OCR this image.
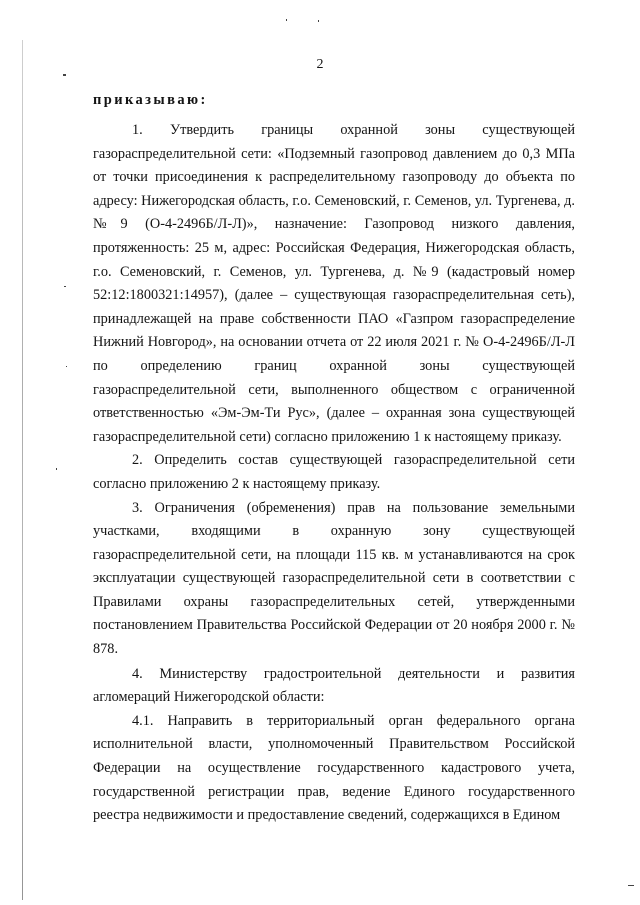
2
приказываю:

1. Утвердить границы охранной зоны существующей газораспределительной сети: «Подземный газопровод давлением до 0,3 МПа от точки присоединения к распределительному газопроводу до объекта по адресу: Нижегородская область, г.о. Семеновский, г. Семенов, ул. Тургенева, д. №9 (О-4-2496Б/Л-Л)», назначение: Газопровод низкого давления, протяженность: 25 м, адрес: Российская Федерация, Нижегородская область, г.о. Семеновский, г. Семенов, ул. Тургенева, д. №9 (кадастровый номер 52:12:1800321:14957), (далее – существующая газораспределительная сеть), принадлежащей на праве собственности ПАО «Газпром газораспределение Нижний Новгород», на основании отчета от 22 июля 2021 г. № О-4-2496Б/Л-Л по определению границ охранной зоны существующей газораспределительной сети, выполненного обществом с ограниченной ответственностью «Эм-Эм-Ти Рус», (далее – охранная зона существующей газораспределительной сети) согласно приложению 1 к настоящему приказу.

2. Определить состав существующей газораспределительной сети согласно приложению 2 к настоящему приказу.

3. Ограничения (обременения) прав на пользование земельными участками, входящими в охранную зону существующей газораспределительной сети, на площади 115 кв. м устанавливаются на срок эксплуатации существующей газораспределительной сети в соответствии с Правилами охраны газораспределительных сетей, утвержденными постановлением Правительства Российской Федерации от 20 ноября 2000 г. № 878.

4. Министерству градостроительной деятельности и развития агломераций Нижегородской области:

4.1. Направить в территориальный орган федерального органа исполнительной власти, уполномоченный Правительством Российской Федерации на осуществление государственного кадастрового учета, государственной регистрации прав, ведение Единого государственного реестра недвижимости и предоставление сведений, содержащихся в Едином
